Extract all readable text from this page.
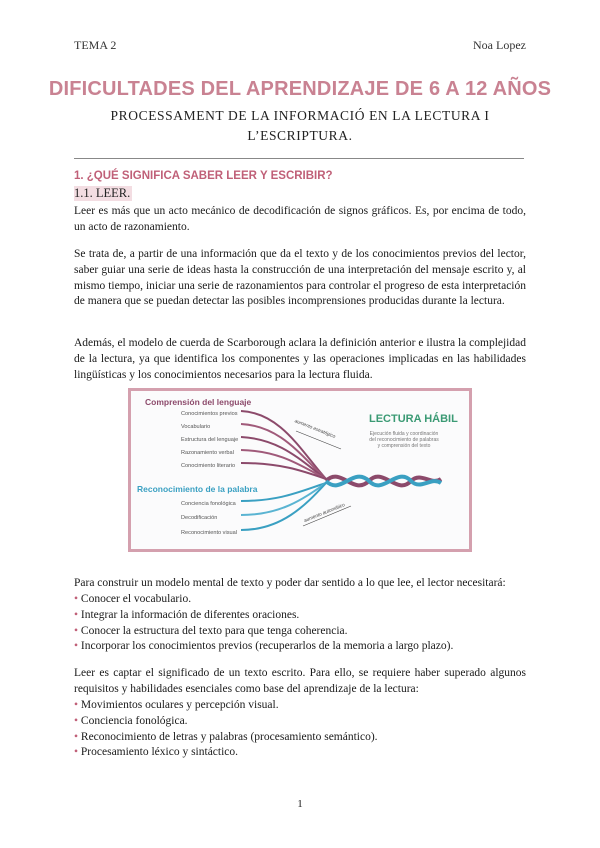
TEMA 2	Noa Lopez
DIFICULTADES DEL APRENDIZAJE DE 6 A 12 AÑOS
PROCESSAMENT DE LA INFORMACIÓ EN LA LECTURA I L’ESCRIPTURA.
1. ¿QUÉ SIGNIFICA SABER LEER Y ESCRIBIR?
1.1. LEER.
Leer es más que un acto mecánico de decodificación de signos gráficos. Es, por encima de todo, un acto de razonamiento.
Se trata de, a partir de una información que da el texto y de los conocimientos previos del lector, saber guiar una serie de ideas hasta la construcción de una interpretación del mensaje escrito y, al mismo tiempo, iniciar una serie de razonamientos para controlar el progreso de esta interpretación de manera que se puedan detectar las posibles incomprensiones producidas durante la lectura.
Además, el modelo de cuerda de Scarborough aclara la definición anterior e ilustra la complejidad de la lectura, ya que identifica los componentes y las operaciones implicadas en las habilidades lingüísticas y los conocimientos necesarios para la lectura fluida.
Comprensión del lenguaje
Conocimientos previos
Vocabulario
Estructura del lenguaje
Razonamiento verbal
Conocimiento literario
Reconocimiento de la palabra
Conciencia fonológica
Decodificación
Reconocimiento visual
aumento estratégico
aumento automático
LECTURA HÁBIL
Ejecución fluida y coordinación del reconocimiento de palabras y comprensión del texto
Para construir un modelo mental de texto y poder dar sentido a lo que lee, el lector necesitará:
• Conocer el vocabulario.
• Integrar la información de diferentes oraciones.
• Conocer la estructura del texto para que tenga coherencia.
• Incorporar los conocimientos previos (recuperarlos de la memoria a largo plazo).
Leer es captar el significado de un texto escrito. Para ello, se requiere haber superado algunos requisitos y habilidades esenciales como base del aprendizaje de la lectura:
• Movimientos oculares y percepción visual.
• Conciencia fonológica.
• Reconocimiento de letras y palabras (procesamiento semántico).
• Procesamiento léxico y sintáctico.
1
